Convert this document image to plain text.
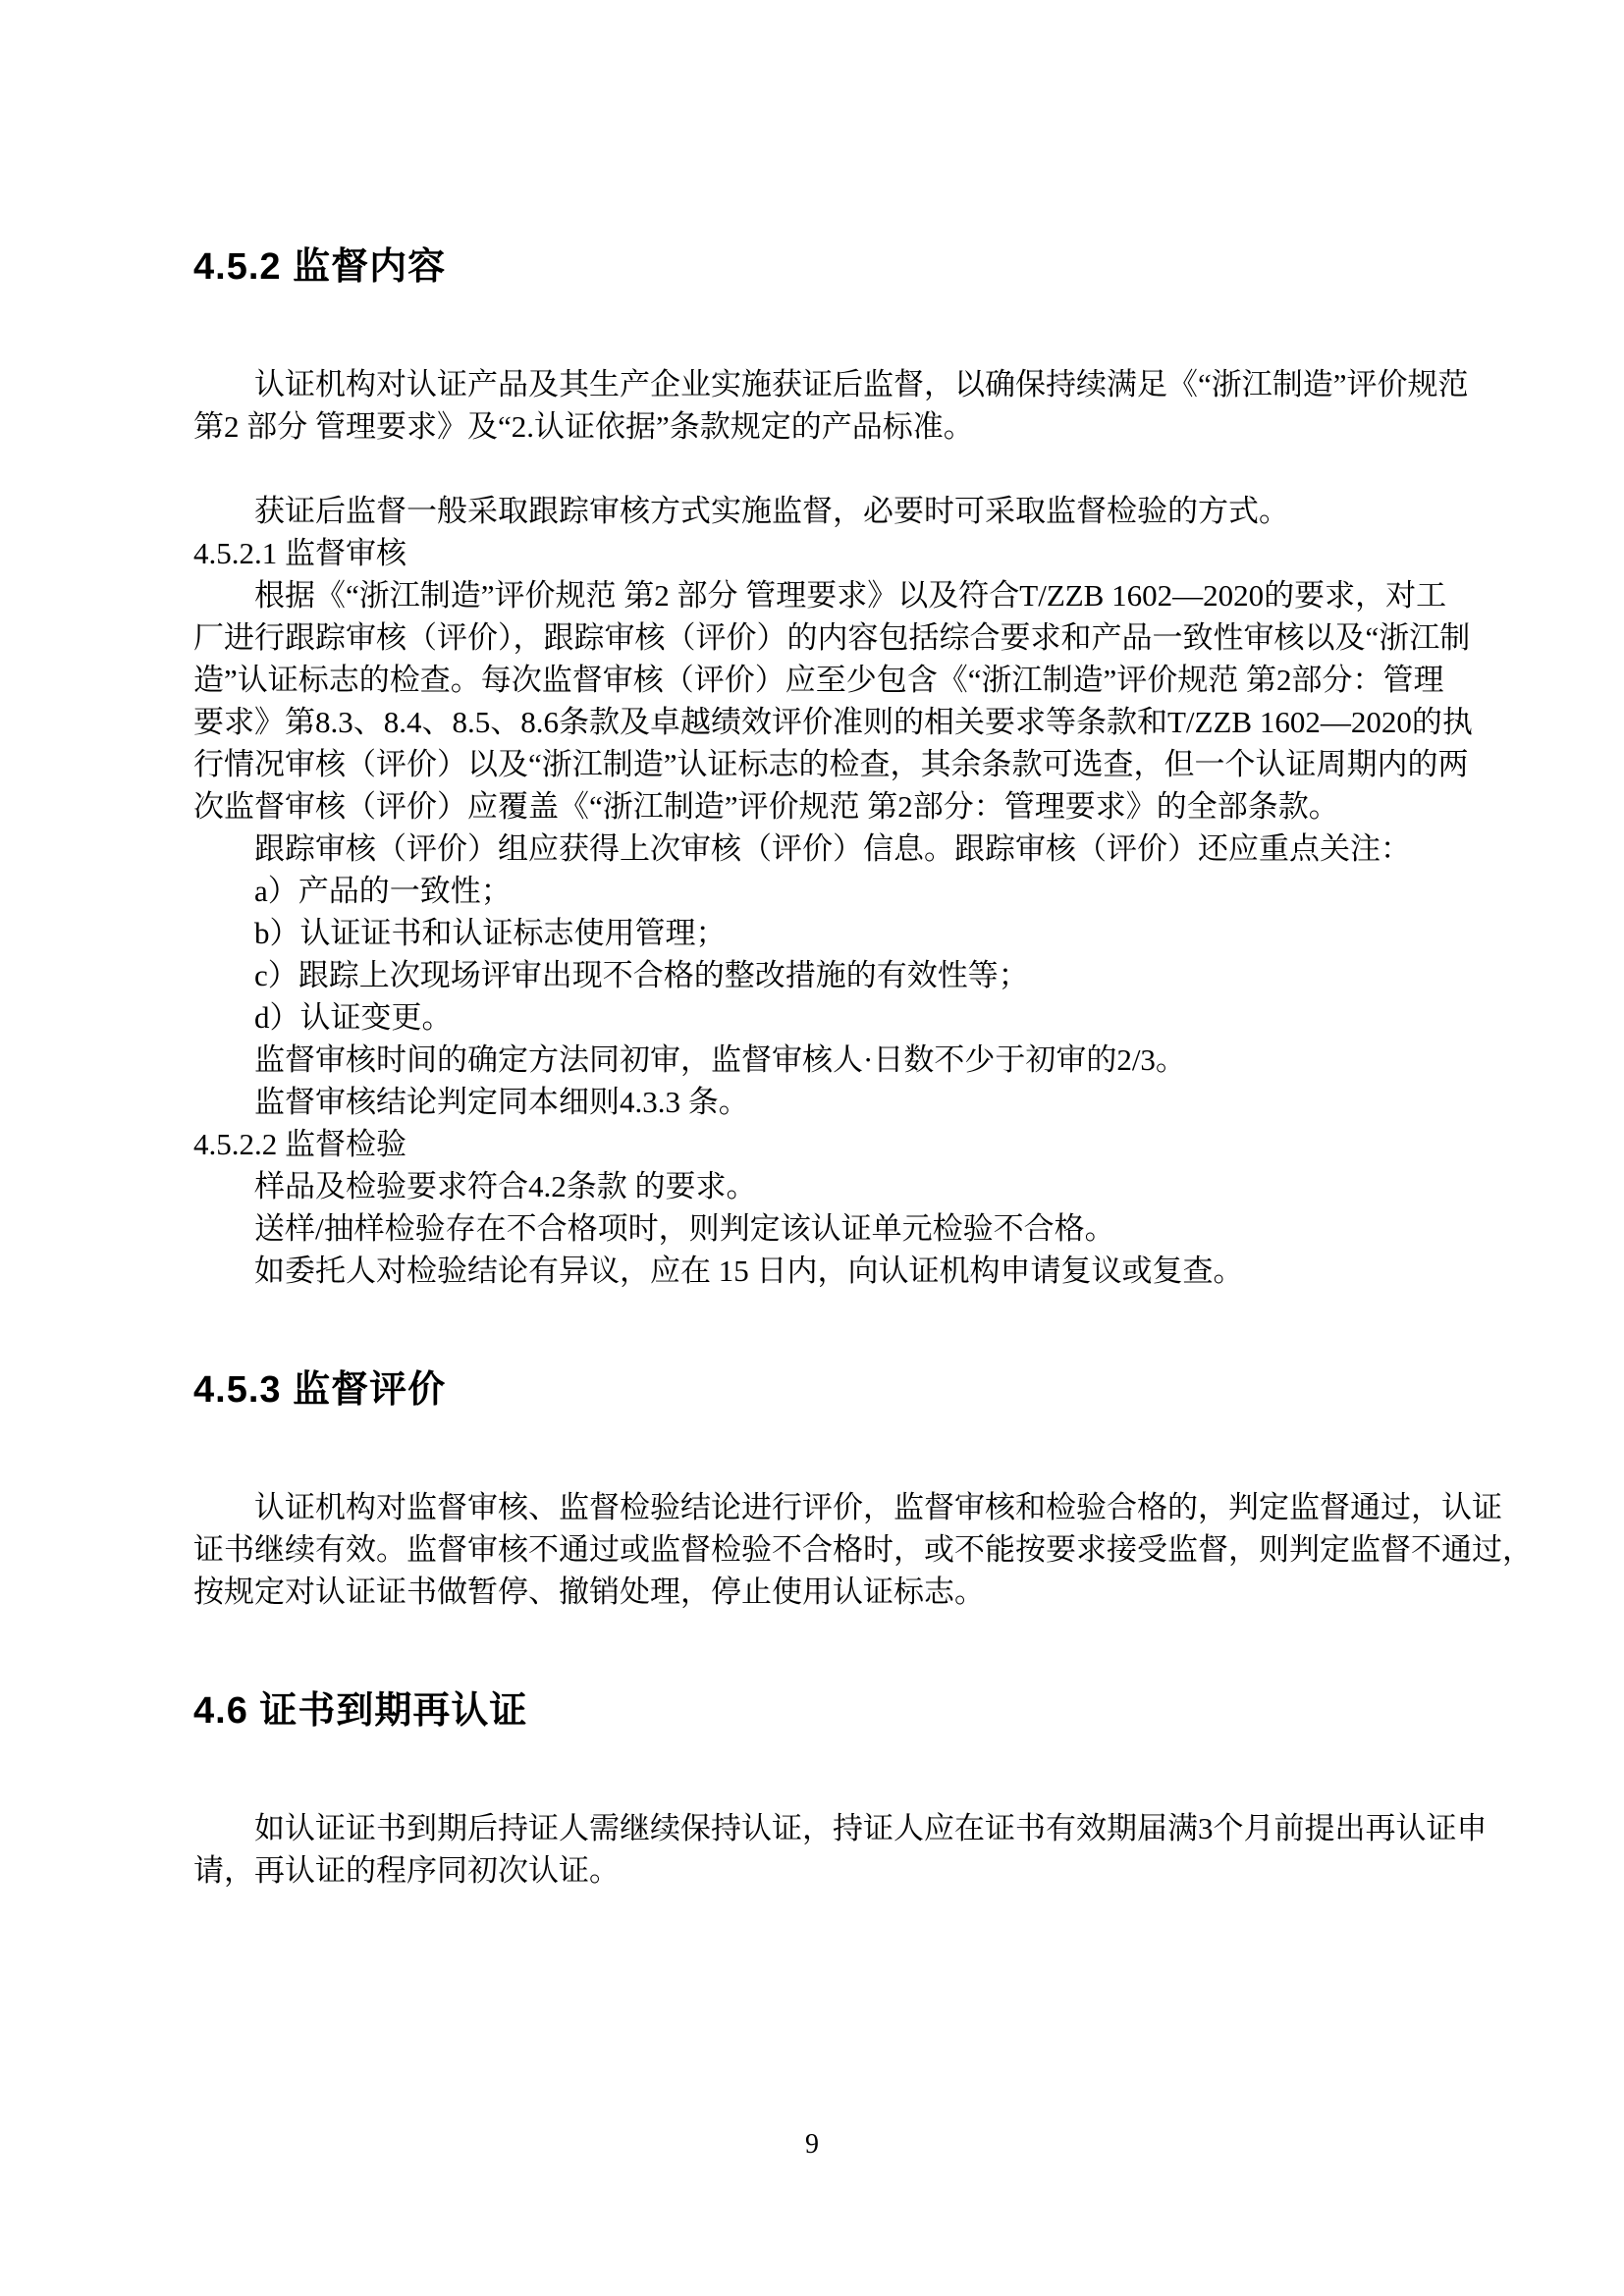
4.5.2 监督内容
认证机构对认证产品及其生产企业实施获证后监督，以确保持续满足《“浙江制造”评价规范
第2 部分 管理要求》及“2.认证依据”条款规定的产品标准。
获证后监督一般采取跟踪审核方式实施监督，必要时可采取监督检验的方式。
4.5.2.1 监督审核
根据《“浙江制造”评价规范 第2 部分 管理要求》以及符合T/ZZB 1602—2020的要求，对工
厂进行跟踪审核（评价），跟踪审核（评价）的内容包括综合要求和产品一致性审核以及“浙江制
造”认证标志的检查。每次监督审核（评价）应至少包含《“浙江制造”评价规范 第2部分：管理
要求》第8.3、8.4、8.5、8.6条款及卓越绩效评价准则的相关要求等条款和T/ZZB 1602—2020的执
行情况审核（评价）以及“浙江制造”认证标志的检查，其余条款可选查，但一个认证周期内的两
次监督审核（评价）应覆盖《“浙江制造”评价规范 第2部分：管理要求》的全部条款。
跟踪审核（评价）组应获得上次审核（评价）信息。跟踪审核（评价）还应重点关注：
a）产品的一致性；
b）认证证书和认证标志使用管理；
c）跟踪上次现场评审出现不合格的整改措施的有效性等；
d）认证变更。
监督审核时间的确定方法同初审，监督审核人·日数不少于初审的2/3。
监督审核结论判定同本细则4.3.3 条。
4.5.2.2 监督检验
样品及检验要求符合4.2条款 的要求。
送样/抽样检验存在不合格项时，则判定该认证单元检验不合格。
如委托人对检验结论有异议，应在 15 日内，向认证机构申请复议或复查。
4.5.3 监督评价
认证机构对监督审核、监督检验结论进行评价，监督审核和检验合格的，判定监督通过，认证
证书继续有效。监督审核不通过或监督检验不合格时，或不能按要求接受监督，则判定监督不通过，
按规定对认证证书做暂停、撤销处理，停止使用认证标志。
4.6 证书到期再认证
如认证证书到期后持证人需继续保持认证，持证人应在证书有效期届满3个月前提出再认证申
请，再认证的程序同初次认证。
9
